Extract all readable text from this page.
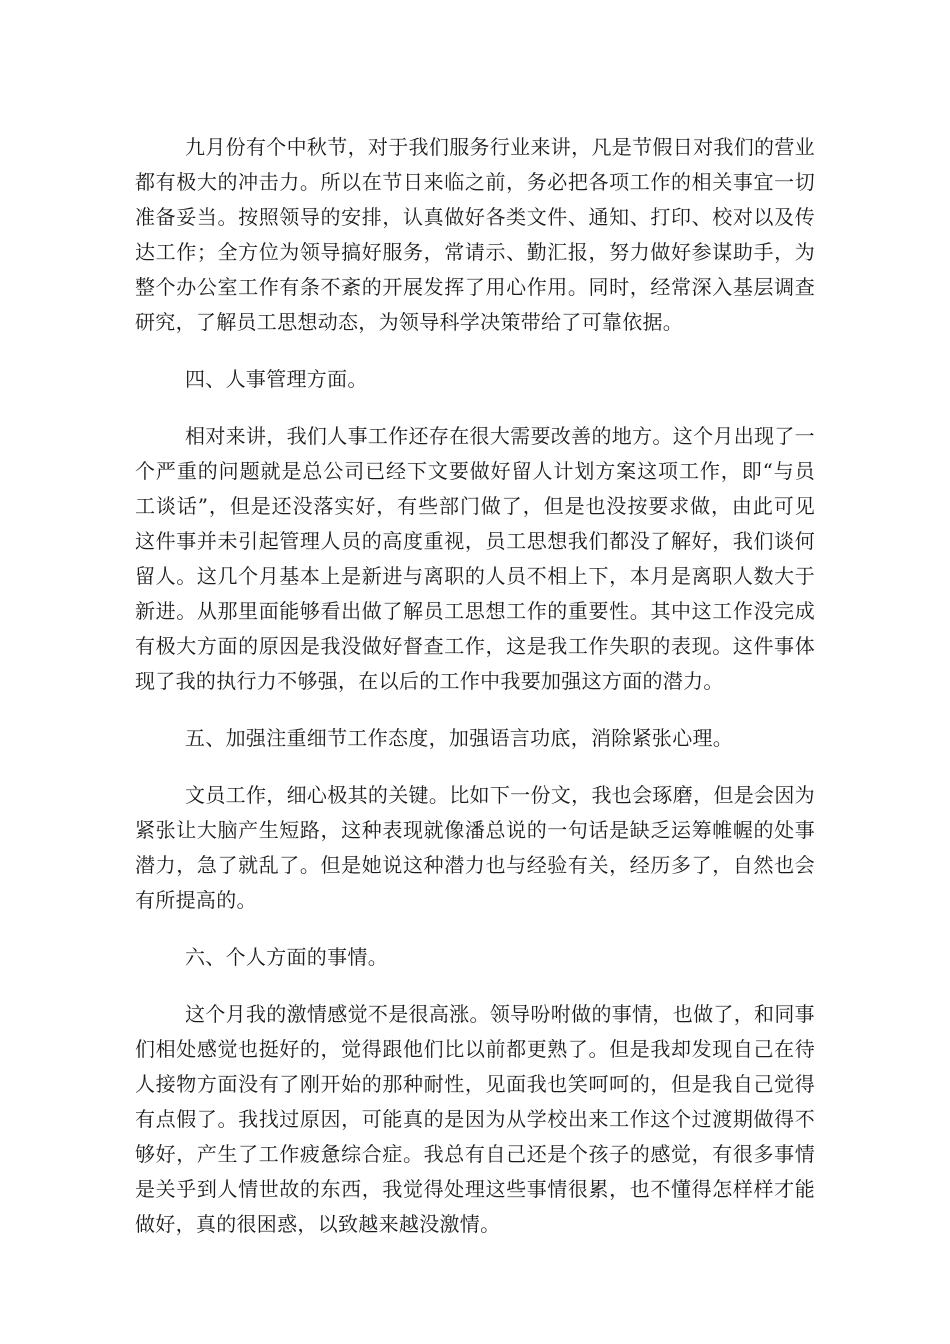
九月份有个中秋节，对于我们服务行业来讲，凡是节假日对我们的营业都有极大的冲击力。所以在节日来临之前，务必把各项工作的相关事宜一切准备妥当。按照领导的安排，认真做好各类文件、通知、打印、校对以及传达工作；全方位为领导搞好服务，常请示、勤汇报，努力做好参谋助手，为整个办公室工作有条不紊的开展发挥了用心作用。同时，经常深入基层调查研究，了解员工思想动态，为领导科学决策带给了可靠依据。

四、人事管理方面。

相对来讲，我们人事工作还存在很大需要改善的地方。这个月出现了一个严重的问题就是总公司已经下文要做好留人计划方案这项工作，即“与员工谈话”，但是还没落实好，有些部门做了，但是也没按要求做，由此可见这件事并未引起管理人员的高度重视，员工思想我们都没了解好，我们谈何留人。这几个月基本上是新进与离职的人员不相上下，本月是离职人数大于新进。从那里面能够看出做了解员工思想工作的重要性。其中这工作没完成有极大方面的原因是我没做好督查工作，这是我工作失职的表现。这件事体现了我的执行力不够强，在以后的工作中我要加强这方面的潜力。

五、加强注重细节工作态度，加强语言功底，消除紧张心理。

文员工作，细心极其的关键。比如下一份文，我也会琢磨，但是会因为紧张让大脑产生短路，这种表现就像潘总说的一句话是缺乏运筹帷幄的处事潜力，急了就乱了。但是她说这种潜力也与经验有关，经历多了，自然也会有所提高的。

六、个人方面的事情。

这个月我的激情感觉不是很高涨。领导吩咐做的事情，也做了，和同事们相处感觉也挺好的，觉得跟他们比以前都更熟了。但是我却发现自己在待人接物方面没有了刚开始的那种耐性，见面我也笑呵呵的，但是我自己觉得有点假了。我找过原因，可能真的是因为从学校出来工作这个过渡期做得不够好，产生了工作疲惫综合症。我总有自己还是个孩子的感觉，有很多事情是关乎到人情世故的东西，我觉得处理这些事情很累，也不懂得怎样样才能做好，真的很困惑，以致越来越没激情。
